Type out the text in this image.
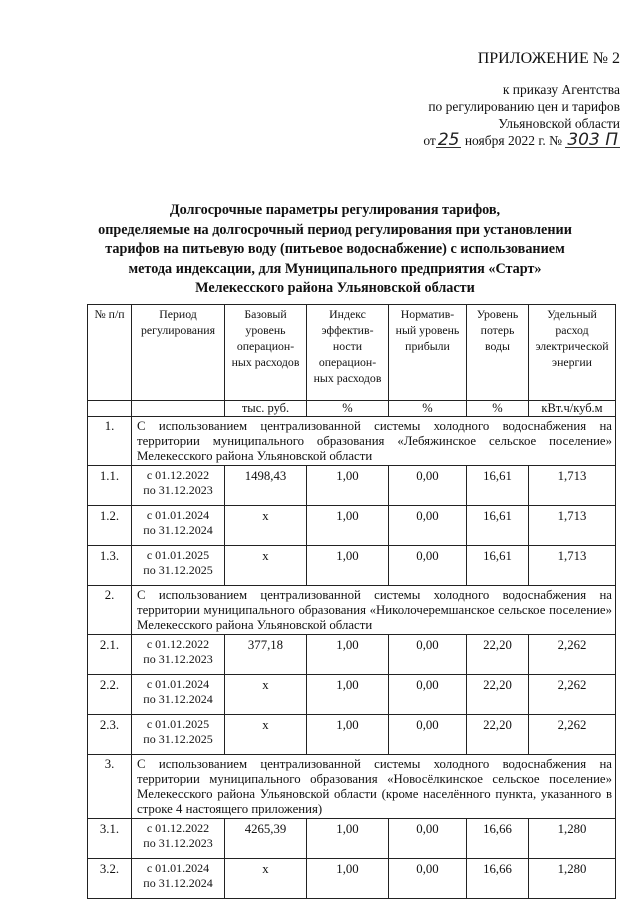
ПРИЛОЖЕНИЕ № 2
к приказу Агентства
по регулированию цен и тарифов
Ульяновской области
от 25 ноября 2022 г. № 303 П
Долгосрочные параметры регулирования тарифов,
определяемые на долгосрочный период регулирования при установлении
тарифов на питьевую воду (питьевое водоснабжение) с использованием
метода индексации, для Муниципального предприятия «Старт»
Мелекесского района Ульяновской области
№ п/п	Период регулирования	Базовый уровень операцион-ных расходов	Индекс эффектив-ности операцион-ных расходов	Норматив-ный уровень прибыли	Уровень потерь воды	Удельный расход электрической энергии
		тыс. руб.	%	%	%	кВт.ч/куб.м
1.	С использованием централизованной системы холодного водоснабжения на территории муниципального образования «Лебяжинское сельское поселение» Мелекесского района Ульяновской области					
1.1.	с 01.12.2022
по 31.12.2023	1498,43	1,00	0,00	16,61	1,713
1.2.	с 01.01.2024
по 31.12.2024	x	1,00	0,00	16,61	1,713
1.3.	с 01.01.2025
по 31.12.2025	x	1,00	0,00	16,61	1,713
2.	С использованием централизованной системы холодного водоснабжения на территории муниципального образования «Николочеремшанское сельское поселение» Мелекесского района Ульяновской области					
2.1.	с 01.12.2022
по 31.12.2023	377,18	1,00	0,00	22,20	2,262
2.2.	с 01.01.2024
по 31.12.2024	x	1,00	0,00	22,20	2,262
2.3.	с 01.01.2025
по 31.12.2025	x	1,00	0,00	22,20	2,262
3.	С использованием централизованной системы холодного водоснабжения на территории муниципального образования «Новосёлкинское сельское поселение» Мелекесского района Ульяновской области (кроме населённого пункта, указанного в строке 4 настоящего приложения)					
3.1.	с 01.12.2022
по 31.12.2023	4265,39	1,00	0,00	16,66	1,280
3.2.	с 01.01.2024
по 31.12.2024	x	1,00	0,00	16,66	1,280
